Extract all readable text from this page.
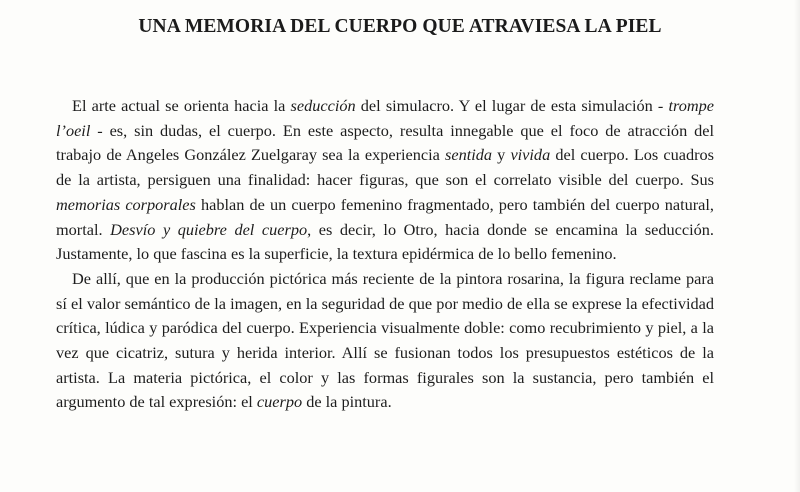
UNA MEMORIA DEL CUERPO QUE ATRAVIESA LA PIEL

El arte actual se orienta hacia la seducción del simulacro. Y el lugar de esta simulación - trompe l’oeil - es, sin dudas, el cuerpo. En este aspecto, resulta innegable que el foco de atracción del trabajo de Angeles González Zuelgaray sea la experiencia sentida y vivida del cuerpo. Los cuadros de la artista, persiguen una finalidad: hacer figuras, que son el correlato visible del cuerpo. Sus memorias corporales hablan de un cuerpo femenino fragmentado, pero también del cuerpo natural, mortal. Desvío y quiebre del cuerpo, es decir, lo Otro, hacia donde se encamina la seducción. Justamente, lo que fascina es la superficie, la textura epidérmica de lo bello femenino.

De allí, que en la producción pictórica más reciente de la pintora rosarina, la figura reclame para sí el valor semántico de la imagen, en la seguridad de que por medio de ella se exprese la efectividad crítica, lúdica y paródica del cuerpo. Experiencia visualmente doble: como recubrimiento y piel, a la vez que cicatriz, sutura y herida interior. Allí se fusionan todos los presupuestos estéticos de la artista. La materia pictórica, el color y las formas figurales son la sustancia, pero también el argumento de tal expresión: el cuerpo de la pintura.
